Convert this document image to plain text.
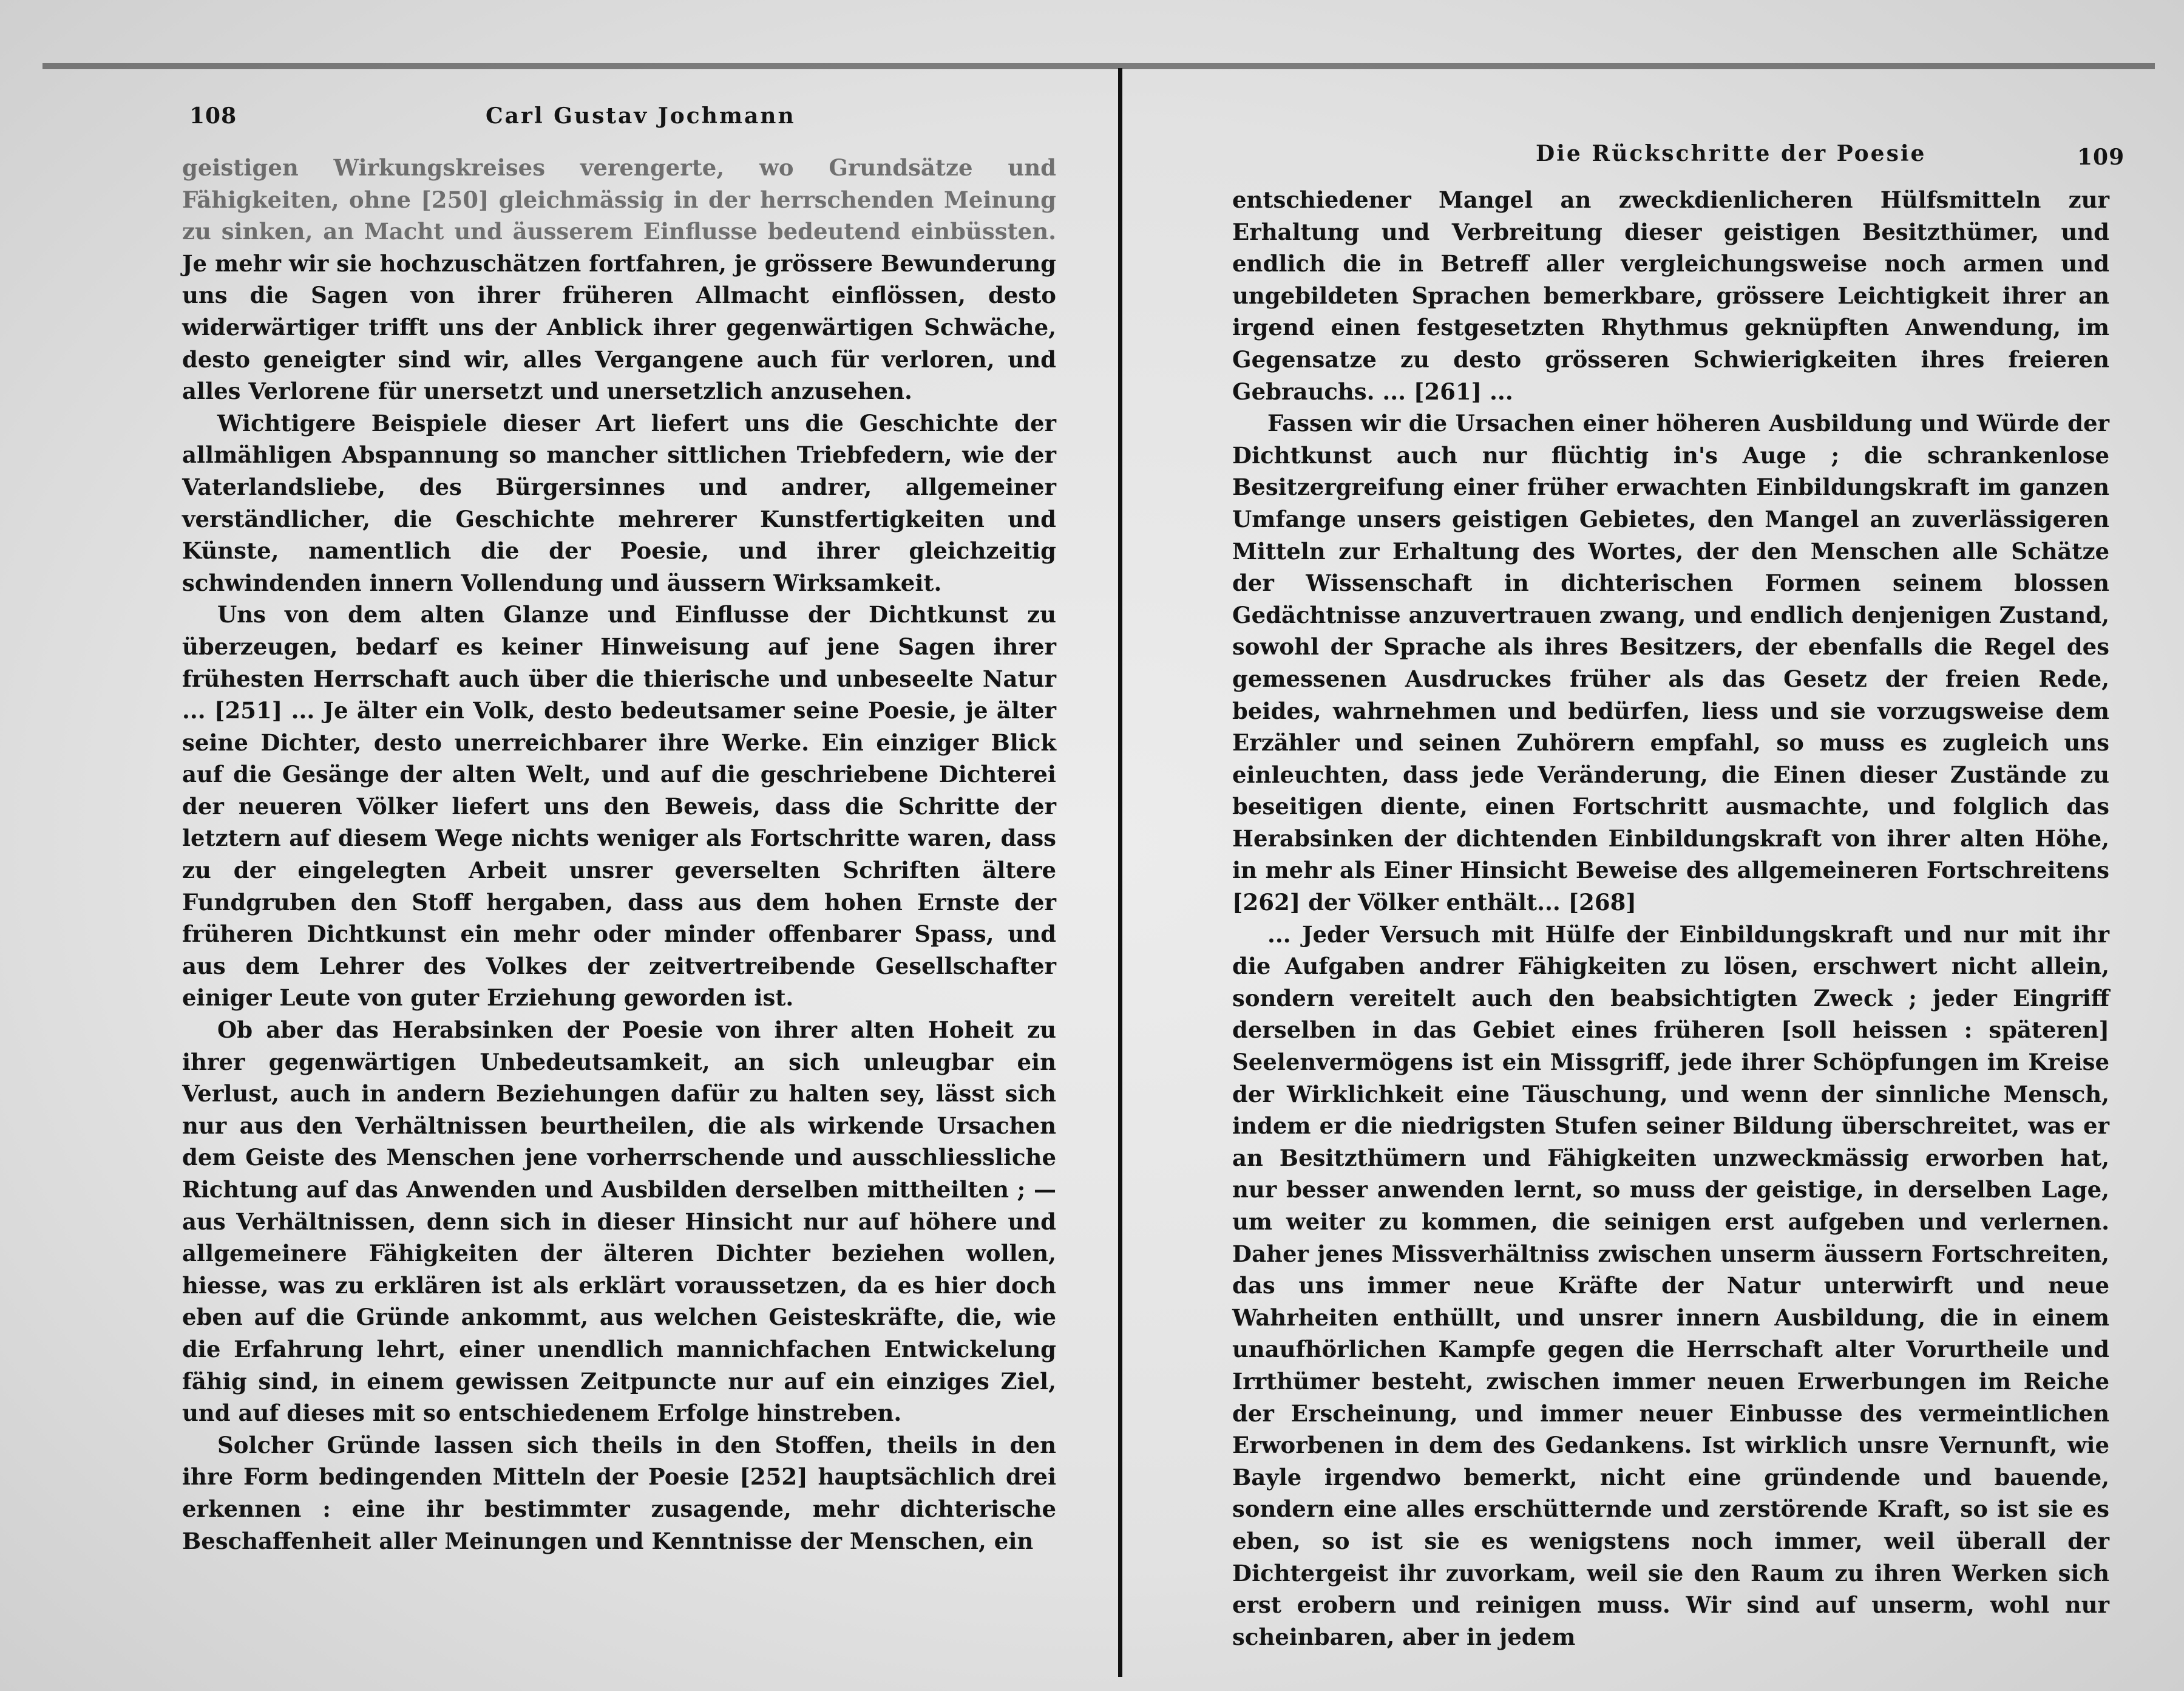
108	Carl Gustav Jochmann

geistigen Wirkungskreises verengerte, wo Grundsätze und Fähigkeiten, ohne [250] gleichmässig in der herrschenden Meinung zu sinken, an Macht und äusserem Einflusse bedeutend einbüssten. Je mehr wir sie hochzuschätzen fortfahren, je grössere Bewunderung uns die Sagen von ihrer früheren Allmacht einflössen, desto widerwärtiger trifft uns der Anblick ihrer gegenwärtigen Schwäche, desto geneigter sind wir, alles Vergangene auch für verloren, und alles Verlorene für unersetzt und unersetzlich anzusehen.

Wichtigere Beispiele dieser Art liefert uns die Geschichte der allmähligen Abspannung so mancher sittlichen Triebfedern, wie der Vaterlandsliebe, des Bürgersinnes und andrer, allgemeiner verständlicher, die Geschichte mehrerer Kunstfertigkeiten und Künste, namentlich die der Poesie, und ihrer gleichzeitig schwindenden innern Vollendung und äussern Wirksamkeit.

Uns von dem alten Glanze und Einflusse der Dichtkunst zu überzeugen, bedarf es keiner Hinweisung auf jene Sagen ihrer frühesten Herrschaft auch über die thierische und unbeseelte Natur ... [251] ... Je älter ein Volk, desto bedeutsamer seine Poesie, je älter seine Dichter, desto unerreichbarer ihre Werke. Ein einziger Blick auf die Gesänge der alten Welt, und auf die geschriebene Dichterei der neueren Völker liefert uns den Beweis, dass die Schritte der letztern auf diesem Wege nichts weniger als Fortschritte waren, dass zu der eingelegten Arbeit unsrer geverselten Schriften ältere Fundgruben den Stoff hergaben, dass aus dem hohen Ernste der früheren Dichtkunst ein mehr oder minder offenbarer Spass, und aus dem Lehrer des Volkes der zeitvertreibende Gesellschafter einiger Leute von guter Erziehung geworden ist.

Ob aber das Herabsinken der Poesie von ihrer alten Hoheit zu ihrer gegenwärtigen Unbedeutsamkeit, an sich unleugbar ein Verlust, auch in andern Beziehungen dafür zu halten sey, lässt sich nur aus den Verhältnissen beurtheilen, die als wirkende Ursachen dem Geiste des Menschen jene vorherrschende und ausschliessliche Richtung auf das Anwenden und Ausbilden derselben mittheilten ; — aus Verhältnissen, denn sich in dieser Hinsicht nur auf höhere und allgemeinere Fähigkeiten der älteren Dichter beziehen wollen, hiesse, was zu erklären ist als erklärt voraussetzen, da es hier doch eben auf die Gründe ankommt, aus welchen Geisteskräfte, die, wie die Erfahrung lehrt, einer unendlich mannichfachen Entwickelung fähig sind, in einem gewissen Zeitpuncte nur auf ein einziges Ziel, und auf dieses mit so entschiedenem Erfolge hinstreben.

Solcher Gründe lassen sich theils in den Stoffen, theils in den ihre Form bedingenden Mitteln der Poesie [252] hauptsächlich drei erkennen : eine ihr bestimmter zusagende, mehr dichterische Beschaffenheit aller Meinungen und Kenntnisse der Menschen, ein

Die Rückschritte der Poesie	109

entschiedener Mangel an zweckdienlicheren Hülfsmitteln zur Erhaltung und Verbreitung dieser geistigen Besitzthümer, und endlich die in Betreff aller vergleichungsweise noch armen und ungebildeten Sprachen bemerkbare, grössere Leichtigkeit ihrer an irgend einen festgesetzten Rhythmus geknüpften Anwendung, im Gegensatze zu desto grösseren Schwierigkeiten ihres freieren Gebrauchs. ... [261] ...

Fassen wir die Ursachen einer höheren Ausbildung und Würde der Dichtkunst auch nur flüchtig in's Auge ; die schrankenlose Besitzergreifung einer früher erwachten Einbildungskraft im ganzen Umfange unsers geistigen Gebietes, den Mangel an zuverlässigeren Mitteln zur Erhaltung des Wortes, der den Menschen alle Schätze der Wissenschaft in dichterischen Formen seinem blossen Gedächtnisse anzuvertrauen zwang, und endlich denjenigen Zustand, sowohl der Sprache als ihres Besitzers, der ebenfalls die Regel des gemessenen Ausdruckes früher als das Gesetz der freien Rede, beides, wahrnehmen und bedürfen, liess und sie vorzugsweise dem Erzähler und seinen Zuhörern empfahl, so muss es zugleich uns einleuchten, dass jede Veränderung, die Einen dieser Zustände zu beseitigen diente, einen Fortschritt ausmachte, und folglich das Herabsinken der dichtenden Einbildungskraft von ihrer alten Höhe, in mehr als Einer Hinsicht Beweise des allgemeineren Fortschreitens [262] der Völker enthält... [268]

... Jeder Versuch mit Hülfe der Einbildungskraft und nur mit ihr die Aufgaben andrer Fähigkeiten zu lösen, erschwert nicht allein, sondern vereitelt auch den beabsichtigten Zweck ; jeder Eingriff derselben in das Gebiet eines früheren [soll heissen : späteren] Seelenvermögens ist ein Missgriff, jede ihrer Schöpfungen im Kreise der Wirklichkeit eine Täuschung, und wenn der sinnliche Mensch, indem er die niedrigsten Stufen seiner Bildung überschreitet, was er an Besitzthümern und Fähigkeiten unzweckmässig erworben hat, nur besser anwenden lernt, so muss der geistige, in derselben Lage, um weiter zu kommen, die seinigen erst aufgeben und verlernen. Daher jenes Missverhältniss zwischen unserm äussern Fortschreiten, das uns immer neue Kräfte der Natur unterwirft und neue Wahrheiten enthüllt, und unsrer innern Ausbildung, die in einem unaufhörlichen Kampfe gegen die Herrschaft alter Vorurtheile und Irrthümer besteht, zwischen immer neuen Erwerbungen im Reiche der Erscheinung, und immer neuer Einbusse des vermeintlichen Erworbenen in dem des Gedankens. Ist wirklich unsre Vernunft, wie Bayle irgendwo bemerkt, nicht eine gründende und bauende, sondern eine alles erschütternde und zerstörende Kraft, so ist sie es eben, so ist sie es wenigstens noch immer, weil überall der Dichtergeist ihr zuvorkam, weil sie den Raum zu ihren Werken sich erst erobern und reinigen muss. Wir sind auf unserm, wohl nur scheinbaren, aber in jedem
